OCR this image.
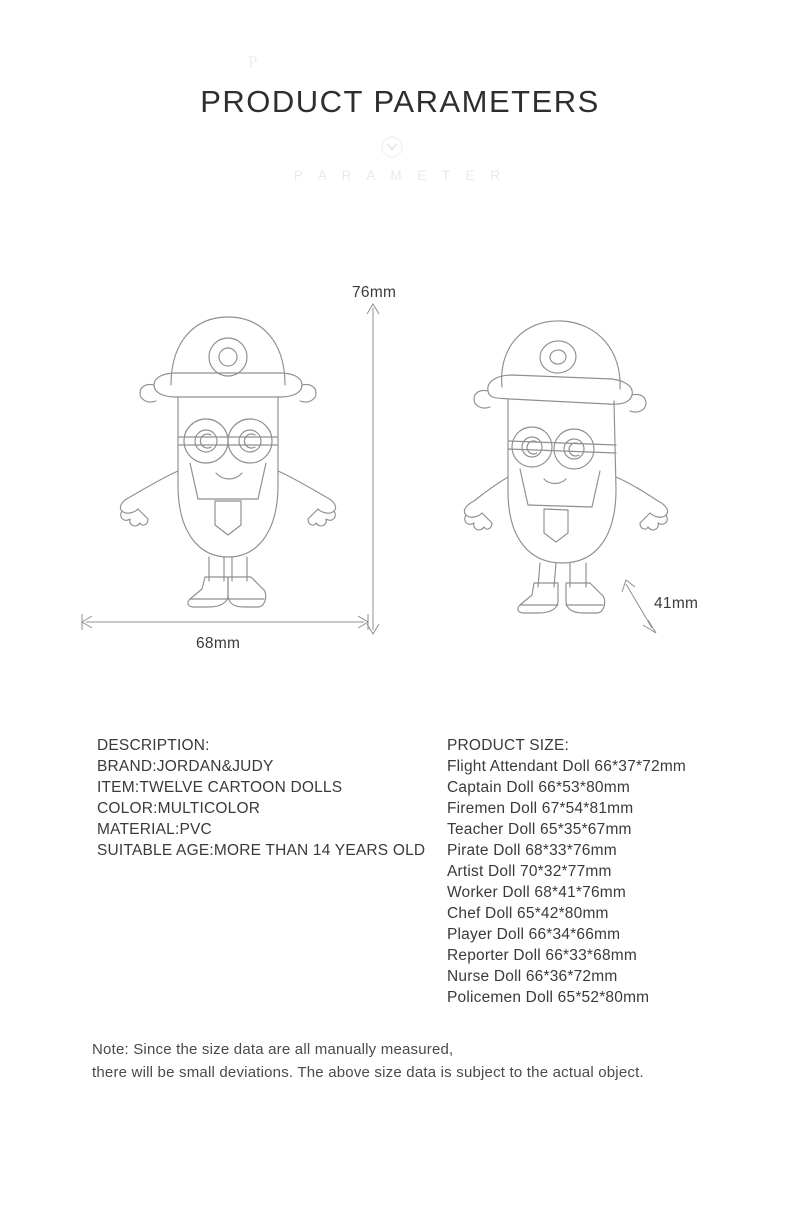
P
PRODUCT PARAMETERS
P A R A M E T E R
76mm
68mm
41mm
DESCRIPTION:
BRAND:JORDAN&JUDY
ITEM:TWELVE CARTOON DOLLS
COLOR:MULTICOLOR
MATERIAL:PVC
SUITABLE AGE:MORE THAN 14 YEARS OLD
PRODUCT SIZE:
Flight Attendant Doll 66*37*72mm
Captain Doll 66*53*80mm
Firemen Doll 67*54*81mm
Teacher Doll 65*35*67mm
Pirate Doll 68*33*76mm
Artist Doll 70*32*77mm
Worker Doll 68*41*76mm
Chef Doll 65*42*80mm
Player Doll 66*34*66mm
Reporter Doll 66*33*68mm
Nurse Doll 66*36*72mm
Policemen Doll 65*52*80mm
Note: Since the size data are all manually measured,
there will be small deviations. The above size data is subject to the actual object.
